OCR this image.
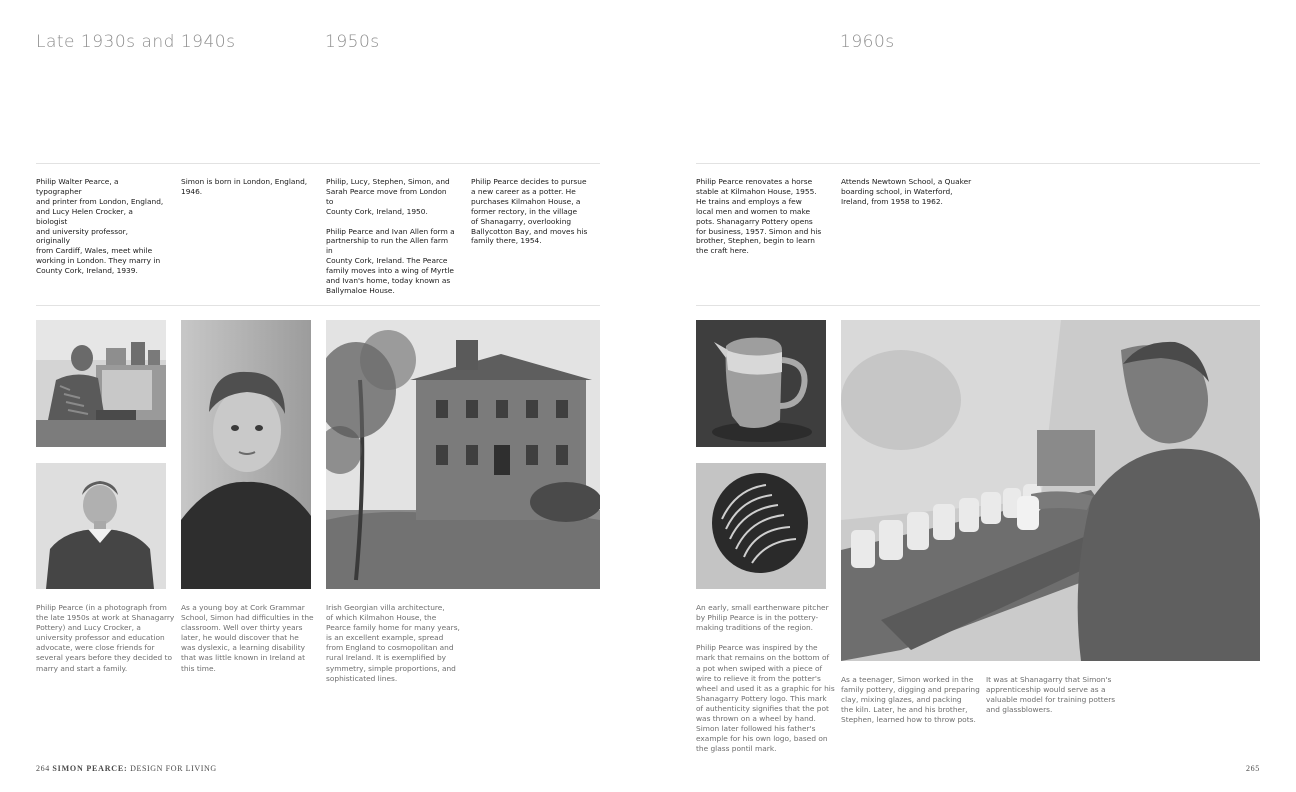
Late 1930s and 1940s	1950s	1960s
Philip Walter Pearce, a typographer
and printer from London, England,
and Lucy Helen Crocker, a biologist
and university professor, originally
from Cardiff, Wales, meet while
working in London. They marry in
County Cork, Ireland, 1939.
Simon is born in London, England,
1946.
Philip, Lucy, Stephen, Simon, and
Sarah Pearce move from London to
County Cork, Ireland, 1950.

Philip Pearce and Ivan Allen form a
partnership to run the Allen farm in
County Cork, Ireland. The Pearce
family moves into a wing of Myrtle
and Ivan's home, today known as
Ballymaloe House.
Philip Pearce decides to pursue
a new career as a potter. He
purchases Kilmahon House, a
former rectory, in the village
of Shanagarry, overlooking
Ballycotton Bay, and moves his
family there, 1954.
Philip Pearce renovates a horse
stable at Kilmahon House, 1955.
He trains and employs a few
local men and women to make
pots. Shanagarry Pottery opens
for business, 1957. Simon and his
brother, Stephen, begin to learn
the craft here.
Attends Newtown School, a Quaker
boarding school, in Waterford,
Ireland, from 1958 to 1962.
Philip Pearce (in a photograph from
the late 1950s at work at Shanagarry
Pottery) and Lucy Crocker, a
university professor and education
advocate, were close friends for
several years before they decided to
marry and start a family.
As a young boy at Cork Grammar
School, Simon had difficulties in the
classroom. Well over thirty years
later, he would discover that he
was dyslexic, a learning disability
that was little known in Ireland at
this time.
Irish Georgian villa architecture,
of which Kilmahon House, the
Pearce family home for many years,
is an excellent example, spread
from England to cosmopolitan and
rural Ireland. It is exemplified by
symmetry, simple proportions, and
sophisticated lines.
An early, small earthenware pitcher
by Philip Pearce is in the pottery-
making traditions of the region.

Philip Pearce was inspired by the
mark that remains on the bottom of
a pot when swiped with a piece of
wire to relieve it from the potter's
wheel and used it as a graphic for his
Shanagarry Pottery logo. This mark
of authenticity signifies that the pot
was thrown on a wheel by hand.
Simon later followed his father's
example for his own logo, based on
the glass pontil mark.
As a teenager, Simon worked in the
family pottery, digging and preparing
clay, mixing glazes, and packing
the kiln. Later, he and his brother,
Stephen, learned how to throw pots.
It was at Shanagarry that Simon's
apprenticeship would serve as a
valuable model for training potters
and glassblowers.
264 SIMON PEARCE: DESIGN FOR LIVING	265
